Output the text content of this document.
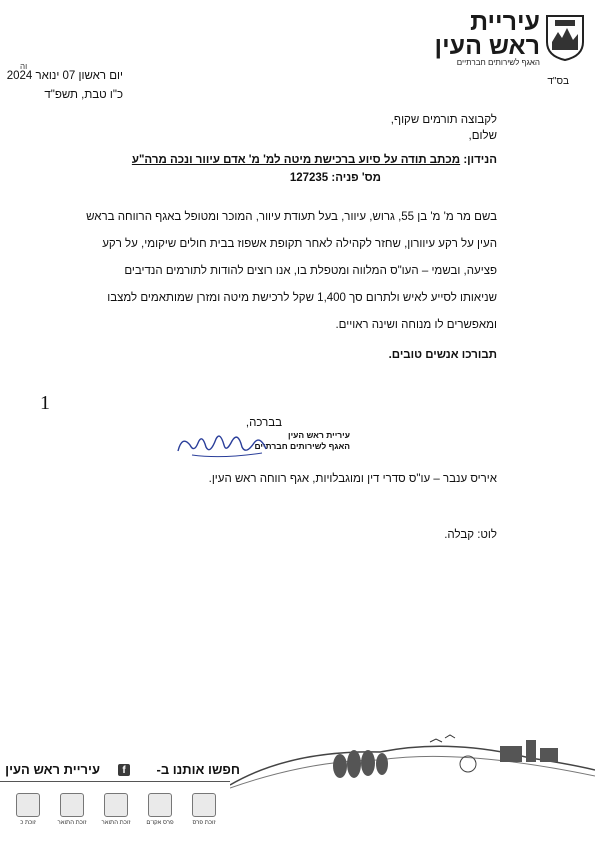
עיריית
ראש העין
האגף לשירותים חברתיים
בס"ד
וה
יום ראשון 07 ינואר 2024
כ"ו טבת, תשפ"ד
לקבוצה תורמים שקוף,
שלום,
הנידון: מכתב תודה על סיוע ברכישת מיטה למ' מ' אדם עיוור ונכה מרה"ע
מס' פניה: 127235
בשם מר מ' מ' בן 55, גרוש, עיוור, בעל תעודת עיוור, המוכר ומטופל באגף הרווחה בראש
העין על רקע עיוורון, שחזר לקהילה לאחר תקופת אשפוז בבית חולים שיקומי, על רקע
פציעה, ובשמי – העו"ס המלווה ומטפלת בו, אנו רוצים להודות לתורמים הנדיבים
שניאותו לסייע לאיש ולתרום סך 1,400 שקל לרכישת מיטה ומזרן שמותאמים למצבו
ומאפשרים לו מנוחה ושינה ראויים.
תבורכו אנשים טובים.
1
בברכה,
עיריית ראש העין
האגף לשירותים חברתיים
איריס ענבר – עו"ס סדרי דין ומוגבלויות, אגף רווחה ראש העין.
לוט: קבלה.
חפשו אותנו ב-
f
עיריית ראש העין
זוכת פרס
פרס אקו"ם
זוכת התואר
זוכת התואר
זוכת כ
